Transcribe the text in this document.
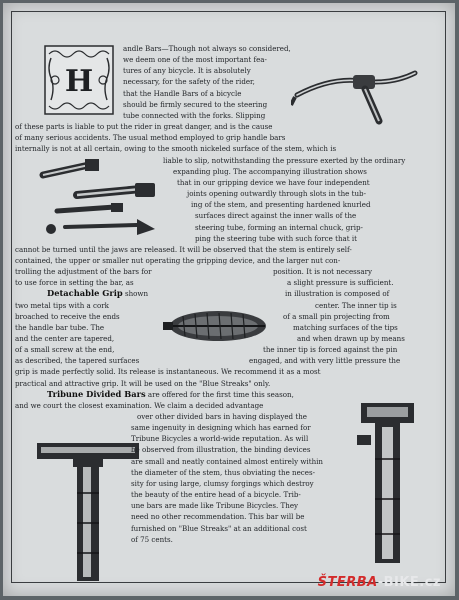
H
andle Bars—Though not always so considered,
we deem one of the most important fea-
tures of any bicycle. It is absolutely
necessary, for the safety of the rider,
that the Handle Bars of a bicycle
should be firmly secured to the steering
tube connected with the forks. Slipping
of these parts is liable to put the rider in great danger, and is the cause
of many serious accidents. The usual method employed to grip handle bars
internally is not at all certain, owing to the smooth nickeled surface of the stem, which is
liable to slip, notwithstanding the pressure exerted by the ordinary
expanding plug. The accompanying illustration shows
that in our gripping device we have four independent
joints opening outwardly through slots in the tub-
ing of the stem, and presenting hardened knurled
surfaces direct against the inner walls of the
steering tube, forming an internal chuck, grip-
ping the steering tube with such force that it
cannot be turned until the jaws are released. It will be observed that the stem is entirely self-
contained, the upper or smaller nut operating the gripping device, and the larger nut con-
trolling the adjustment of the bars for	position. It is not necessary
to use force in setting the bar, as	a slight pressure is sufficient.
Detachable Grip shown	in illustration is composed of
two metal tips with a cork	center. The inner tip is
broached to receive the ends	of a small pin projecting from
the handle bar tube. The	matching surfaces of the tips
and the center are tapered,	and when drawn up by means
of a small screw at the end,	the inner tip is forced against the pin
as described, the tapered surfaces	engaged, and with very little pressure the
grip is made perfectly solid. Its release is instantaneous. We recommend it as a most
practical and attractive grip. It will be used on the "Blue Streaks" only.
Tribune Divided Bars are offered for the first time this season,
and we court the closest examination. We claim a decided advantage
over other divided bars in having displayed the
same ingenuity in designing which has earned for
Tribune Bicycles a world-wide reputation. As will
be observed from illustration, the binding devices
are small and neatly contained almost entirely within
the diameter of the stem, thus obviating the neces-
sity for using large, clumsy forgings which destroy
the beauty of the entire head of a bicycle. Trib-
une bars are made like Tribune Bicycles. They
need no other recommendation. This bar will be
furnished on "Blue Streaks" at an additional cost
of 75 cents.
ŠTERBA-BIKE.cz
